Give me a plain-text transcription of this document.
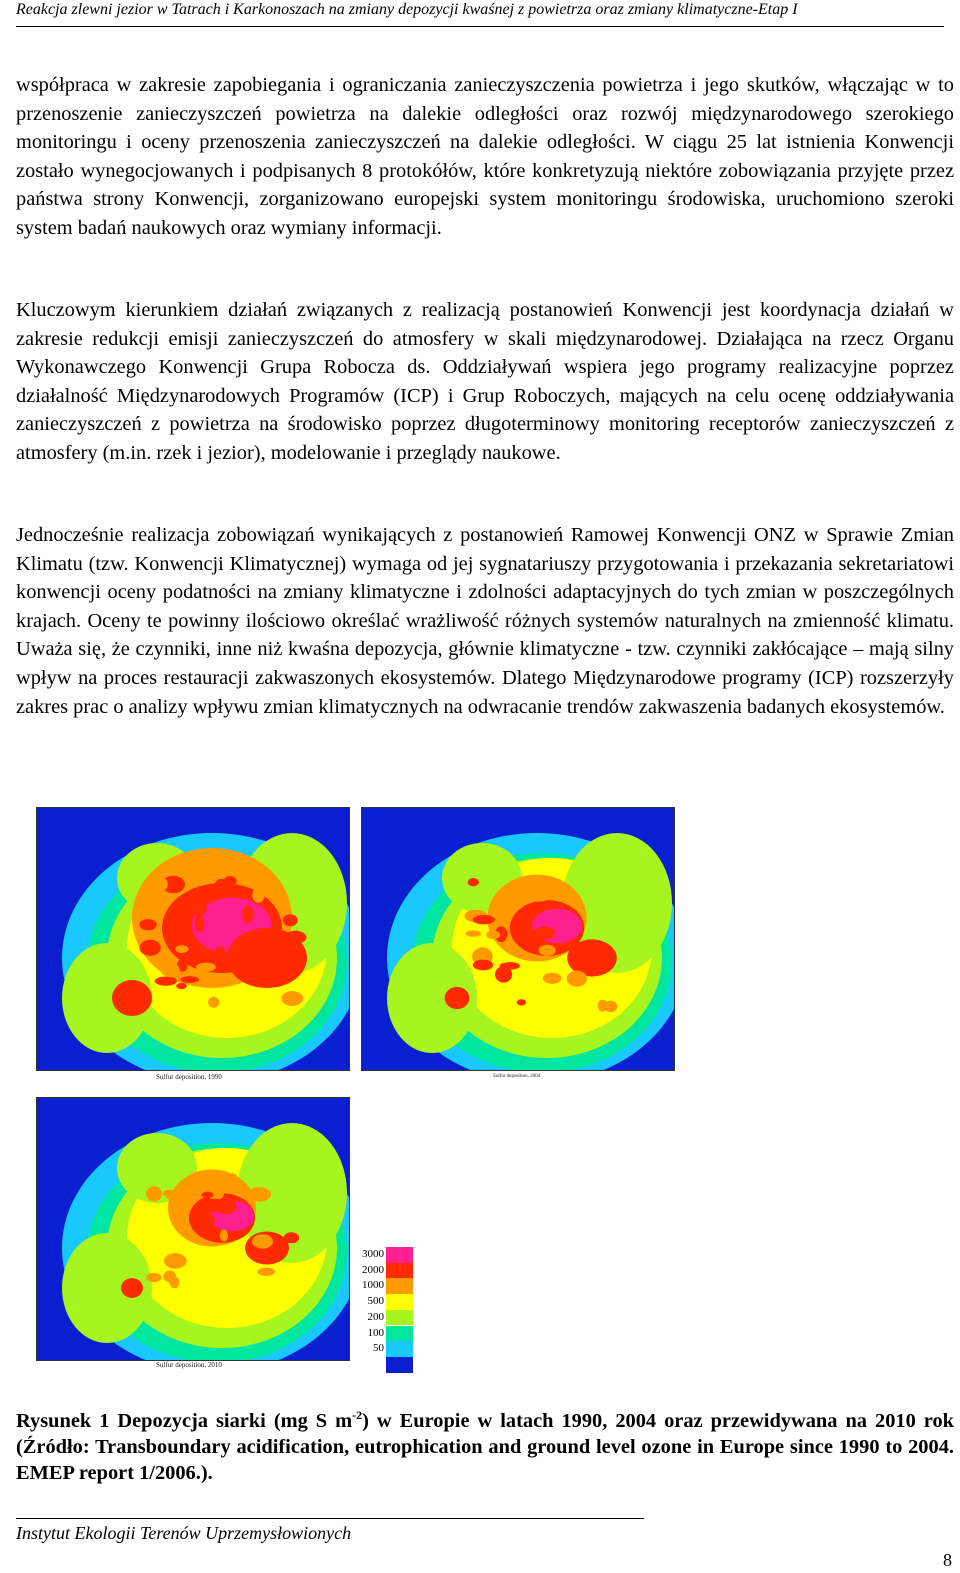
Reakcja zlewni jezior w Tatrach i Karkonoszach na zmiany depozycji kwaśnej z powietrza oraz zmiany klimatyczne-Etap I

współpraca w zakresie zapobiegania i ograniczania zanieczyszczenia powietrza i jego skutków, włączając w to przenoszenie zanieczyszczeń powietrza na dalekie odległości oraz rozwój międzynarodowego szerokiego monitoringu i oceny przenoszenia zanieczyszczeń na dalekie odległości. W ciągu 25 lat istnienia Konwencji zostało wynegocjowanych i podpisanych 8 protokółów, które konkretyzują niektóre zobowiązania przyjęte przez państwa strony Konwencji, zorganizowano europejski system monitoringu środowiska, uruchomiono szeroki system badań naukowych oraz wymiany informacji.

Kluczowym kierunkiem działań związanych z realizacją postanowień Konwencji jest koordynacja działań w zakresie redukcji emisji zanieczyszczeń do atmosfery w skali międzynarodowej. Działająca na rzecz Organu Wykonawczego Konwencji Grupa Robocza ds. Oddziaływań wspiera jego programy realizacyjne poprzez działalność Międzynarodowych Programów (ICP) i Grup Roboczych, mających na celu ocenę oddziaływania zanieczyszczeń z powietrza na środowisko poprzez długoterminowy monitoring receptorów zanieczyszczeń z atmosfery (m.in. rzek i jezior), modelowanie i przeglądy naukowe.

Jednocześnie realizacja zobowiązań wynikających z postanowień Ramowej Konwencji ONZ w Sprawie Zmian Klimatu (tzw. Konwencji Klimatycznej) wymaga od jej sygnatariuszy przygotowania i przekazania sekretariatowi konwencji oceny podatności na zmiany klimatyczne i zdolności adaptacyjnych do tych zmian w poszczególnych krajach. Oceny te powinny ilościowo określać wrażliwość różnych systemów naturalnych na zmienność klimatu. Uważa się, że czynniki, inne niż kwaśna depozycja, głównie klimatyczne - tzw. czynniki zakłócające – mają silny wpływ na proces restauracji zakwaszonych ekosystemów. Dlatego Międzynarodowe programy (ICP) rozszerzyły zakres prac o analizy wpływu zmian klimatycznych na odwracanie trendów zakwaszenia badanych ekosystemów.

Sulfur deposition, 1990	Sulfur deposition, 2004
Sulfur deposition, 2010
3000
2000
1000
500
200
100
50

Rysunek 1 Depozycja siarki (mg S $m^{-2}$) w Europie w latach 1990, 2004 oraz przewidywana na 2010 rok (Źródło: Transboundary acidification, eutrophication and ground level ozone in Europe since 1990 to 2004. EMEP report 1/2006.).

Instytut Ekologii Terenów Uprzemysłowionych
8
